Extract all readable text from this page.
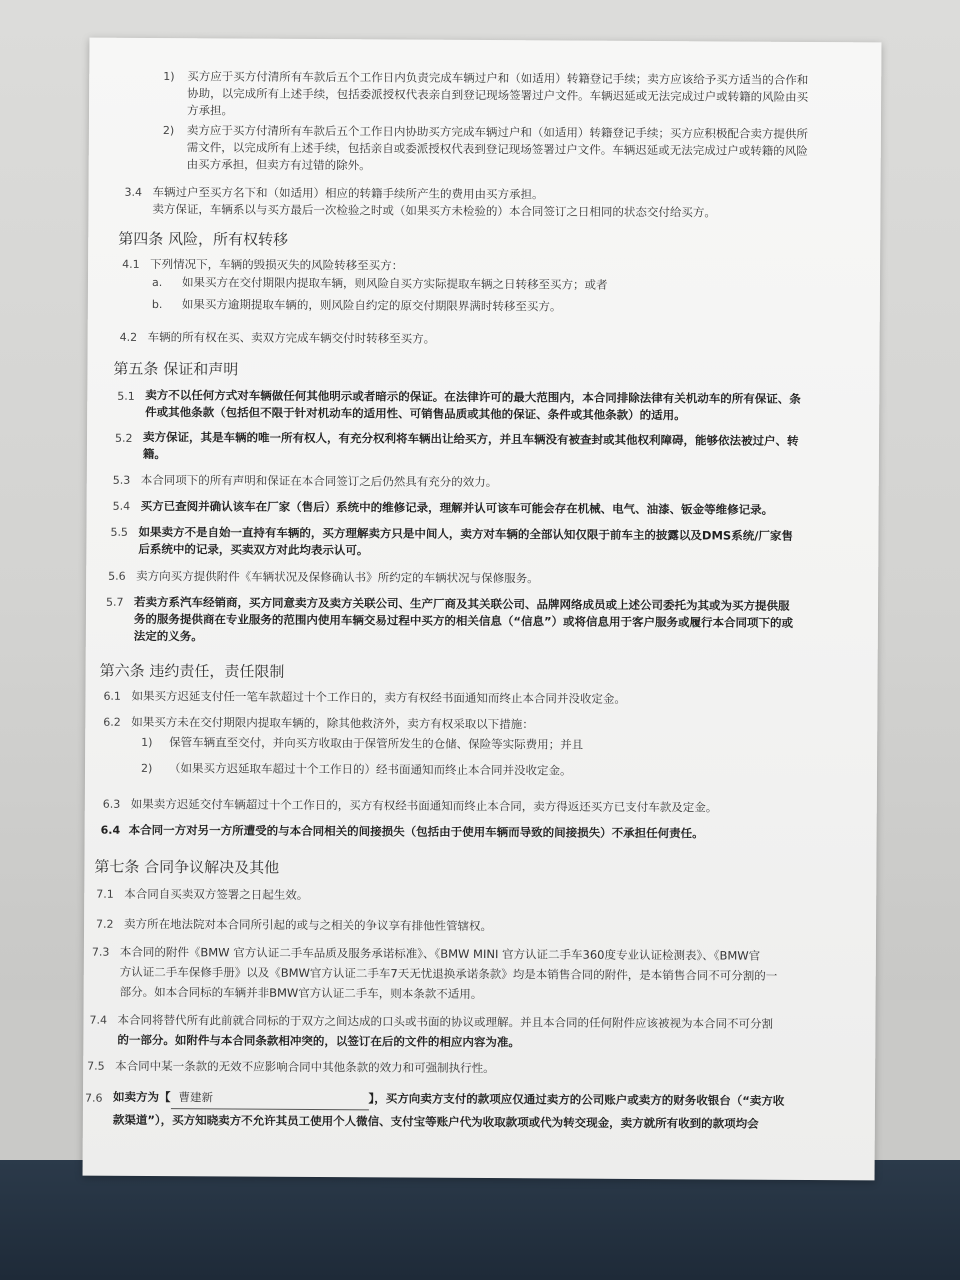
1) 买方应于买方付清所有车款后五个工作日内负责完成车辆过户和（如适用）转籍登记手续；卖方应该给予买方适当的合作和
协助，以完成所有上述手续，包括委派授权代表亲自到登记现场签署过户文件。车辆迟延或无法完成过户或转籍的风险由买
方承担。
2) 卖方应于买方付清所有车款后五个工作日内协助买方完成车辆过户和（如适用）转籍登记手续；买方应积极配合卖方提供所
需文件，以完成所有上述手续，包括亲自或委派授权代表到登记现场签署过户文件。车辆迟延或无法完成过户或转籍的风险
由买方承担，但卖方有过错的除外。
3.4 车辆过户至买方名下和（如适用）相应的转籍手续所产生的费用由买方承担。
卖方保证，车辆系以与买方最后一次检验之时或（如果买方未检验的）本合同签订之日相同的状态交付给买方。
第四条 风险，所有权转移
4.1 下列情况下，车辆的毁损灭失的风险转移至买方：
a. 如果买方在交付期限内提取车辆，则风险自买方实际提取车辆之日转移至买方；或者
b. 如果买方逾期提取车辆的，则风险自约定的原交付期限界满时转移至买方。
4.2 车辆的所有权在买、卖双方完成车辆交付时转移至买方。
第五条 保证和声明
5.1 卖方不以任何方式对车辆做任何其他明示或者暗示的保证。在法律许可的最大范围内，本合同排除法律有关机动车的所有保证、条
件或其他条款（包括但不限于针对机动车的适用性、可销售品质或其他的保证、条件或其他条款）的适用。
5.2 卖方保证，其是车辆的唯一所有权人，有充分权利将车辆出让给买方，并且车辆没有被查封或其他权利障碍，能够依法被过户、转
籍。
5.3 本合同项下的所有声明和保证在本合同签订之后仍然具有充分的效力。
5.4 买方已查阅并确认该车在厂家（售后）系统中的维修记录，理解并认可该车可能会存在机械、电气、油漆、钣金等维修记录。
5.5 如果卖方不是自始一直持有车辆的，买方理解卖方只是中间人，卖方对车辆的全部认知仅限于前车主的披露以及DMS系统/厂家售
后系统中的记录，买卖双方对此均表示认可。
5.6 卖方向买方提供附件《车辆状况及保修确认书》所约定的车辆状况与保修服务。
5.7 若卖方系汽车经销商，买方同意卖方及卖方关联公司、生产厂商及其关联公司、品牌网络成员或上述公司委托为其或为买方提供服
务的服务提供商在专业服务的范围内使用车辆交易过程中买方的相关信息（“信息”）或将信息用于客户服务或履行本合同项下的或
法定的义务。
第六条 违约责任，责任限制
6.1 如果买方迟延支付任一笔车款超过十个工作日的，卖方有权经书面通知而终止本合同并没收定金。
6.2 如果买方未在交付期限内提取车辆的，除其他救济外，卖方有权采取以下措施：
1) 保管车辆直至交付，并向买方收取由于保管所发生的仓储、保险等实际费用；并且
2) （如果买方迟延取车超过十个工作日的）经书面通知而终止本合同并没收定金。
6.3 如果卖方迟延交付车辆超过十个工作日的，买方有权经书面通知而终止本合同，卖方得返还买方已支付车款及定金。
6.4 本合同一方对另一方所遭受的与本合同相关的间接损失（包括由于使用车辆而导致的间接损失）不承担任何责任。
第七条 合同争议解决及其他
7.1 本合同自买卖双方签署之日起生效。
7.2 卖方所在地法院对本合同所引起的或与之相关的争议享有排他性管辖权。
7.3 本合同的附件《BMW 官方认证二手车品质及服务承诺标准》、《BMW MINI 官方认证二手车360度专业认证检测表》、《BMW官
方认证二手车保修手册》以及《BMW官方认证二手车7天无忧退换承诺条款》均是本销售合同的附件，是本销售合同不可分割的一
部分。如本合同标的车辆并非BMW官方认证二手车，则本条款不适用。
7.4 本合同将替代所有此前就合同标的于双方之间达成的口头或书面的协议或理解。并且本合同的任何附件应该被视为本合同不可分割
的一部分。如附件与本合同条款相冲突的，以签订在后的文件的相应内容为准。
7.5 本合同中某一条款的无效不应影响合同中其他条款的效力和可强制执行性。
7.6 如卖方为【 曹建新	】，买方向卖方支付的款项应仅通过卖方的公司账户或卖方的财务收银台（“卖方收
款渠道”），买方知晓卖方不允许其员工使用个人微信、支付宝等账户代为收取款项或代为转交现金，卖方就所有收到的款项均会
